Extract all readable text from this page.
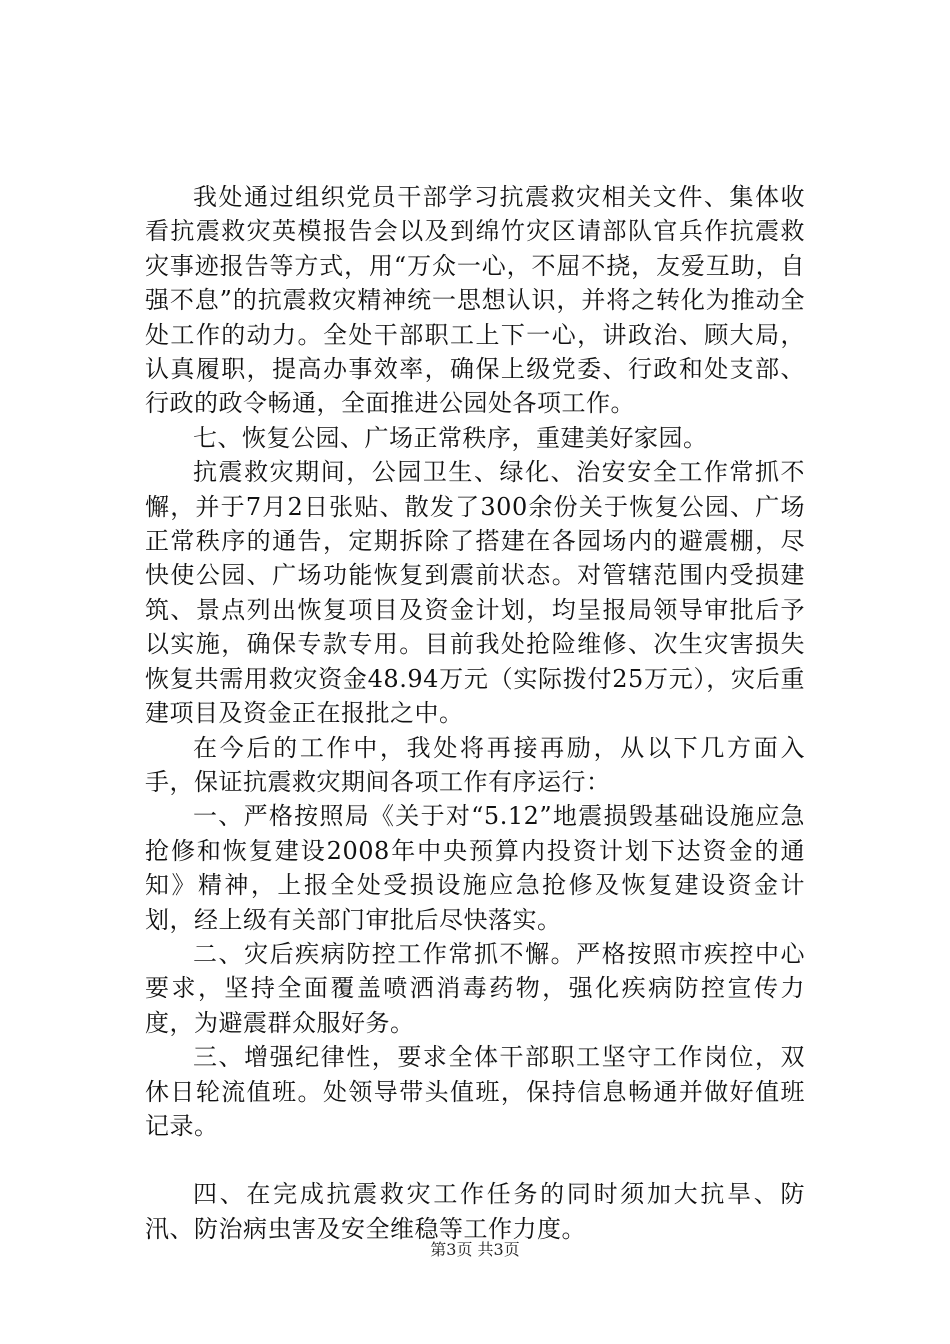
我处通过组织党员干部学习抗震救灾相关文件、集体收看抗震救灾英模报告会以及到绵竹灾区请部队官兵作抗震救灾事迹报告等方式，用“万众一心，不屈不挠，友爱互助，自强不息”的抗震救灾精神统一思想认识，并将之转化为推动全处工作的动力。全处干部职工上下一心，讲政治、顾大局，认真履职，提高办事效率，确保上级党委、行政和处支部、行政的政令畅通，全面推进公园处各项工作。

七、恢复公园、广场正常秩序，重建美好家园。

抗震救灾期间，公园卫生、绿化、治安安全工作常抓不懈，并于7月2日张贴、散发了300余份关于恢复公园、广场正常秩序的通告，定期拆除了搭建在各园场内的避震棚，尽快使公园、广场功能恢复到震前状态。对管辖范围内受损建筑、景点列出恢复项目及资金计划，均呈报局领导审批后予以实施，确保专款专用。目前我处抢险维修、次生灾害损失恢复共需用救灾资金48.94万元（实际拨付25万元），灾后重建项目及资金正在报批之中。

在今后的工作中，我处将再接再励，从以下几方面入手，保证抗震救灾期间各项工作有序运行：

一、严格按照局《关于对“5.12”地震损毁基础设施应急抢修和恢复建设2008年中央预算内投资计划下达资金的通知》精神，上报全处受损设施应急抢修及恢复建设资金计划，经上级有关部门审批后尽快落实。

二、灾后疾病防控工作常抓不懈。严格按照市疾控中心要求，坚持全面覆盖喷洒消毒药物，强化疾病防控宣传力度，为避震群众服好务。

三、增强纪律性，要求全体干部职工坚守工作岗位，双休日轮流值班。处领导带头值班，保持信息畅通并做好值班记录。

四、在完成抗震救灾工作任务的同时须加大抗旱、防汛、防治病虫害及安全维稳等工作力度。

第3页 共3页
